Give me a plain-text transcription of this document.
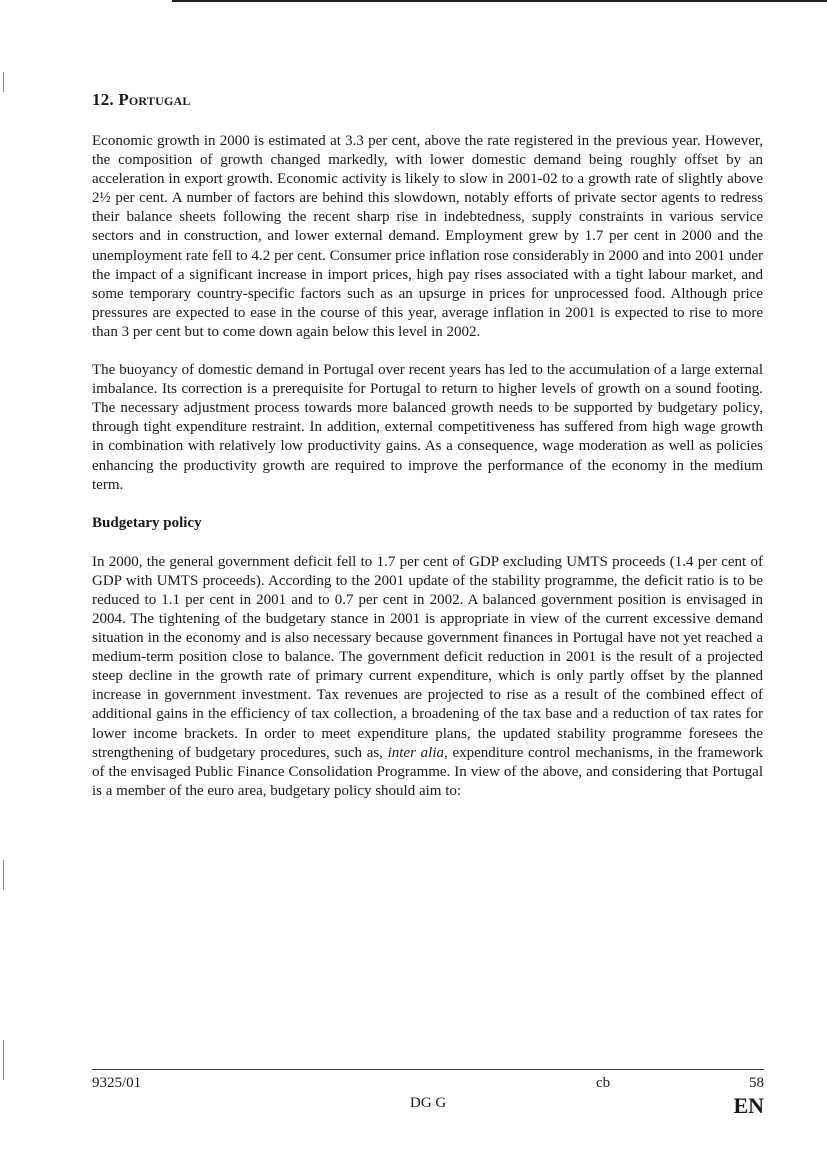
12. Portugal

Economic growth in 2000 is estimated at 3.3 per cent, above the rate registered in the previous year. However, the composition of growth changed markedly, with lower domestic demand being roughly offset by an acceleration in export growth. Economic activity is likely to slow in 2001-02 to a growth rate of slightly above 2½ per cent. A number of factors are behind this slowdown, notably efforts of private sector agents to redress their balance sheets following the recent sharp rise in indebtedness, supply constraints in various service sectors and in construction, and lower external demand. Employment grew by 1.7 per cent in 2000 and the unemployment rate fell to 4.2 per cent. Consumer price inflation rose considerably in 2000 and into 2001 under the impact of a significant increase in import prices, high pay rises associated with a tight labour market, and some temporary country-specific factors such as an upsurge in prices for unprocessed food. Although price pressures are expected to ease in the course of this year, average inflation in 2001 is expected to rise to more than 3 per cent but to come down again below this level in 2002.

The buoyancy of domestic demand in Portugal over recent years has led to the accumulation of a large external imbalance. Its correction is a prerequisite for Portugal to return to higher levels of growth on a sound footing. The necessary adjustment process towards more balanced growth needs to be supported by budgetary policy, through tight expenditure restraint. In addition, external competitiveness has suffered from high wage growth in combination with relatively low productivity gains. As a consequence, wage moderation as well as policies enhancing the productivity growth are required to improve the performance of the economy in the medium term.

Budgetary policy

In 2000, the general government deficit fell to 1.7 per cent of GDP excluding UMTS proceeds (1.4 per cent of GDP with UMTS proceeds). According to the 2001 update of the stability programme, the deficit ratio is to be reduced to 1.1 per cent in 2001 and to 0.7 per cent in 2002. A balanced government position is envisaged in 2004. The tightening of the budgetary stance in 2001 is appropriate in view of the current excessive demand situation in the economy and is also necessary because government finances in Portugal have not yet reached a medium-term position close to balance. The government deficit reduction in 2001 is the result of a projected steep decline in the growth rate of primary current expenditure, which is only partly offset by the planned increase in government investment. Tax revenues are projected to rise as a result of the combined effect of additional gains in the efficiency of tax collection, a broadening of the tax base and a reduction of tax rates for lower income brackets. In order to meet expenditure plans, the updated stability programme foresees the strengthening of budgetary procedures, such as, inter alia, expenditure control mechanisms, in the framework of the envisaged Public Finance Consolidation Programme. In view of the above, and considering that Portugal is a member of the euro area, budgetary policy should aim to:

9325/01
DG G
cb	58
EN
